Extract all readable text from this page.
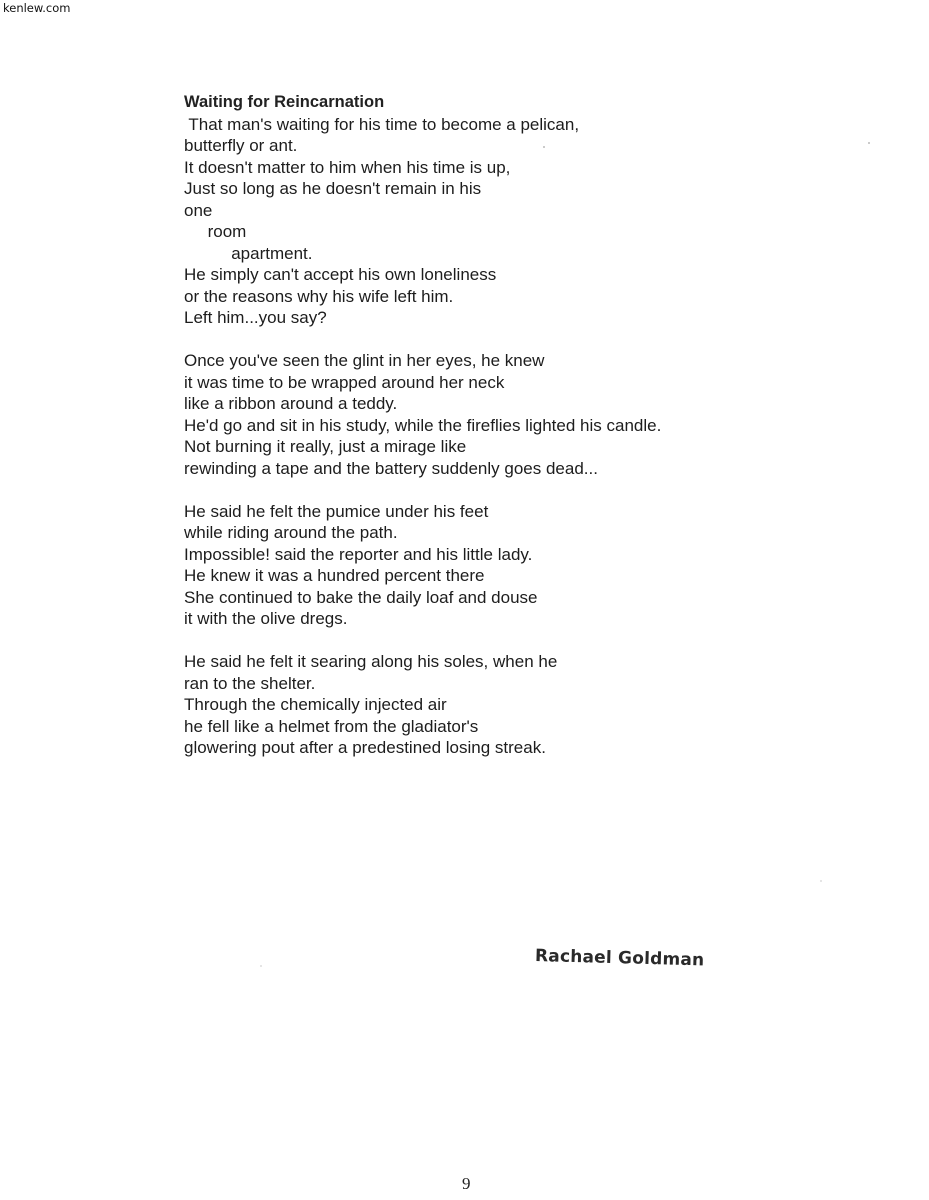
kenlew.com
Waiting for Reincarnation
That man's waiting for his time to become a pelican,
butterfly or ant.
It doesn't matter to him when his time is up,
Just so long as he doesn't remain in his
one
room
apartment.
He simply can't accept his own loneliness
or the reasons why his wife left him.
Left him...you say?
Once you've seen the glint in her eyes, he knew
it was time to be wrapped around her neck
like a ribbon around a teddy.
He'd go and sit in his study, while the fireflies lighted his candle.
Not burning it really, just a mirage like
rewinding a tape and the battery suddenly goes dead...
He said he felt the pumice under his feet
while riding around the path.
Impossible! said the reporter and his little lady.
He knew it was a hundred percent there
She continued to bake the daily loaf and douse
it with the olive dregs.
He said he felt it searing along his soles, when he
ran to the shelter.
Through the chemically injected air
he fell like a helmet from the gladiator's
glowering pout after a predestined losing streak.
Rachael Goldman
9
